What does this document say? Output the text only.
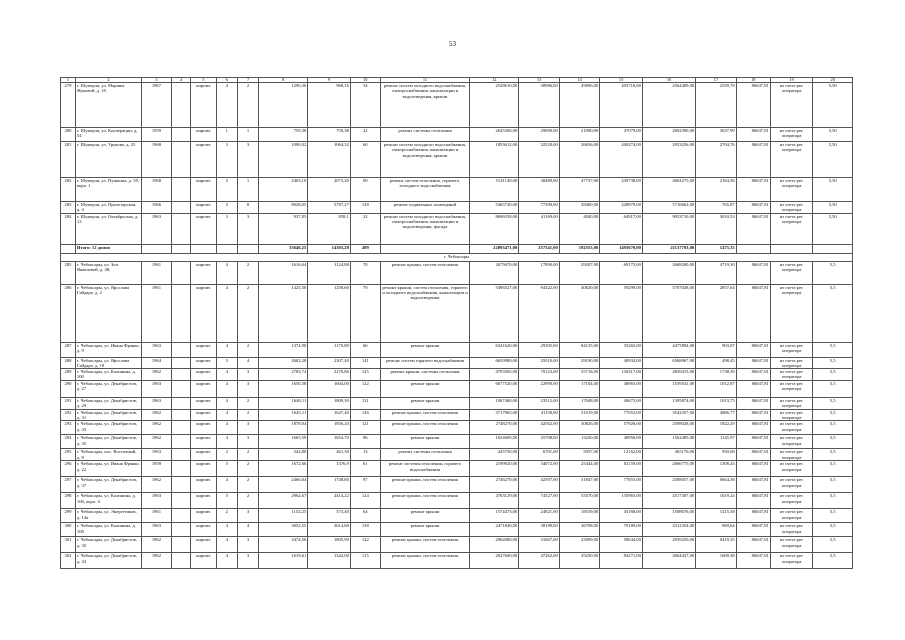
53
1	2	3	4	5	6	7	8	9	10	11	12	13	14	15	16	17	18	19	20
279	г. Шумерля, ул. Марины Жуковой, д. 18	1967		кирпич	4	2	1290,36	968,16	54	ремонт систем холодного водоснабжения, электроснабжения, канализации и водоотведения, крыши	2528610,00	38986,00	29096,00	205716,00	2564409,00	2539,78	86047,81	из счета рег. оператора	5,50
280	г. Шумерля, ул. Кооперации, д. 54	1959		кирпич	1	1	759,38	759,38	22	ремонт системы отопления	2645300,00	29090,00	21090,00	47079,00	2692390,00	3637,99	86047,81	из счета рег. оператора	5,50
281	г. Шумерля, ул. Урукова, д. 25	1968		кирпич	3	3	1090,02	1064,32	60	ремонт систем холодного водоснабжения, электроснабжения, канализации и водоотведения, крыши	1853612,00	32520,00	26656,00	200274,00	2953256,00	2704,76	86047,81	из счета рег. оператора	5,50
282	г. Шумерля, ул. Пушкина, д. 59, корп. 1	1968		кирпич	5	1	2403,10	2073,20	69	ремонт систем отопления, горячего, холодного водоснабжения	5141149,00	38489,00	47737,00	239738,00	4604275,00	2164,36	86047,81	из счета рег. оператора	5,50
283	г. Шумерля, ул. Пролетарская, д. 4	1966		кирпич	5	8	8028,05	5787,27	128	ремонт подвальных помещений	5465720,00	77390,00	28400,00	228879,00	5716662,00	765,87	86047,81	из счета рег. оператора	5,50
284	г. Шумерля, ул. Октябрьская, д. 13	1963		кирпич	3	3	937,85	858,1	22	ремонт систем холодного водоснабжения, электроснабжения, канализации и водоотведения, фасада	8696358,00	41169,00	4040,00	64917,00	9053710,00	3010,53	86047,81	из счета рег. оператора	5,50
	Итого: 12 домов						15646,25	14303,28	499		22093471,00	257541,00	192553,00	1495670,00	21137703,00	1475,33			
г. Чебоксары																			
285	г. Чебоксары, ул. Зои Яковлевой, д. 48,	1961		кирпич	4	2	1616,64	1124,88	70	ремонт крыши, систем отопления	2675670,00	17890,00	29207,00	69175,00	2668200,00	4719,30	86047,81	из счета рег. оператора	5,5
286	г. Чебоксары, ул. Ярослава Гайдара, д. 2	1961		кирпич	4	2	1425,30	1250,60	70	ремонт крыши, систем отопления, горячего и холодного водоснабжения, канализации и водоотведения	5496527,00	94322,00	40620,00	59299,00	5707028,00	2857,64	86047,81	из счета рег. оператора	5,5
287	г. Чебоксары, ул. Ивана Франко, д. 9	1963		кирпич	4	2	1374,90	1170,80	66	ремонт крыши	6341620,00	29395,00	84135,00	35265,00	4475894,00	903,07	86047,81	из счета рег. оператора	5,5
288	г. Чебоксары, ул. Ярослава Гайдара, д. 18	1964		кирпич	5	4	2602,28	2307,40	141	ремонт систем горячего водоснабжения	6659980,00	25010,00	29190,00	40934,00	6568067,00	498,45	86047,81	из счета рег. оператора	5,5
289	г. Чебоксары, ул. Калинина, д. 100	1962		кирпич	4	3	2783,74	2270,86	125	ремонт крыши, системы отопления	4793565,00	70123,00	55718,00	136317,00	4839415,00	1738,39	86047,81	из счета рег. оператора	5,5
290	г. Чебоксары, ул. Декабристов, д. 27	1963		кирпич	4	3	1650,38	1604,00	122	ремонт крыши	6077520,00	22990,00	17104,00	48965,00	1559541,00	1012,87	86047,81	из счета рег. оператора	5,5
291	г. Чебоксары, ул. Декабристов, д. 29	1963		кирпич	4	2	1648,11	1809,39	131	ремонт крыши	1067460,00	23512,00	17048,00	40675,00	1395874,00	1013,75	86047,81	из счета рег. оператора	5,5
292	г. Чебоксары, ул. Декабристов, д. 31	1962		кирпич	4	2	1645,11	1647,40	126	ремонт крыши, систем отопления	3717965,00	41158,00	31019,00	77053,00	3542357,00	4886,77	86047,81	из счета рег. оператора	5,5
293	г. Чебоксары, ул. Декабристов, д. 33	1962		кирпич	4	3	1878,04	1856,20	121	ремонт крыши, систем отопления	2748270,00	42562,00	30826,00	57926,00	2598028,00	1822,29	86047,81	из счета рег. оператора	5,5
294	г. Чебоксары, ул. Декабристов, д. 35	1962		кирпич	4	3	1665,59	1654,70	96	ремонт крыши	1654609,00	25708,00	13220,00	40956,00	1562485,00	1145,97	86047,81	из счета рег. оператора	5,5
295	г. Чебоксары, пос. Восточный, д. 8	1963		кирпич	2	2	542,80	461,30	13	ремонт системы отопления	425750,00	6701,00	5957,00	12162,00	465170,00	950,06	86047,81	из счета рег. оператора	5,5
296	г. Чебоксары, ул. Ивана Франко, д. 22	1958		кирпич	5	2	1672,66	1376,9	61	ремонт системы отопления, горячего водоснабжения	2199920,00	34072,00	25444,00	82159,00	2066775,00	1308,43	86047,81	из счета рег. оператора	5,5
297	г. Чебоксары, ул. Декабристов, д. 37	1962		кирпич	4	2	2466,04	1748,80	97	ремонт крыши, систем отопления	2746270,00	42597,00	31847,00	77855,00	2588057,00	0664,38	86047,81	из счета рег. оператора	5,5
298	г. Чебоксары, ул. Калинина, д. 106, корп. 4	1963		кирпич	5	2	2962,67	2414,22	124	ремонт крыши, систем отопления	4763129,00	74527,00	53570,00	135965,00	4517307,00	1619,24	86047,81	из счета рег. оператора	5,5
299	г. Чебоксары, ул. Энергетиков, д. 14а	1961		кирпич	2	3	1152,25	573,40	64	ремонт крыши	1574473,00	24821,00	18539,00	45168,00	1508676,00	1415,58	86047,81	из счета рег. оператора	5,5
300	г. Чебоксары, ул. Калинина, д. 108	1963		кирпич	4	4	3052,55	2614,60	138	ремонт крыши	2471849,00	38189,00	26708,00	70189,00	2312354,00	969,64	86047,81	из счета рег. оператора	5,5
301	г. Чебоксары, ул. Декабристов, д. 35	1962		кирпич	4	3	3474,56	1805,99	122	ремонт крыши, систем отопления	2964080,00	31667,00	23099,00	58644,00	2959250,00	0419,35	86047,81	из счета рег. оператора	5,5
302	г. Чебоксары, ул. Декабристов, д. 43	1962		кирпич	4	3	1619,61	1342,00	115	ремонт крыши, систем отопления	2927600,00	47262,00	35250,00	84271,00	2664437,00	1609,38	86047,81	из счета рег. оператора	5,5
